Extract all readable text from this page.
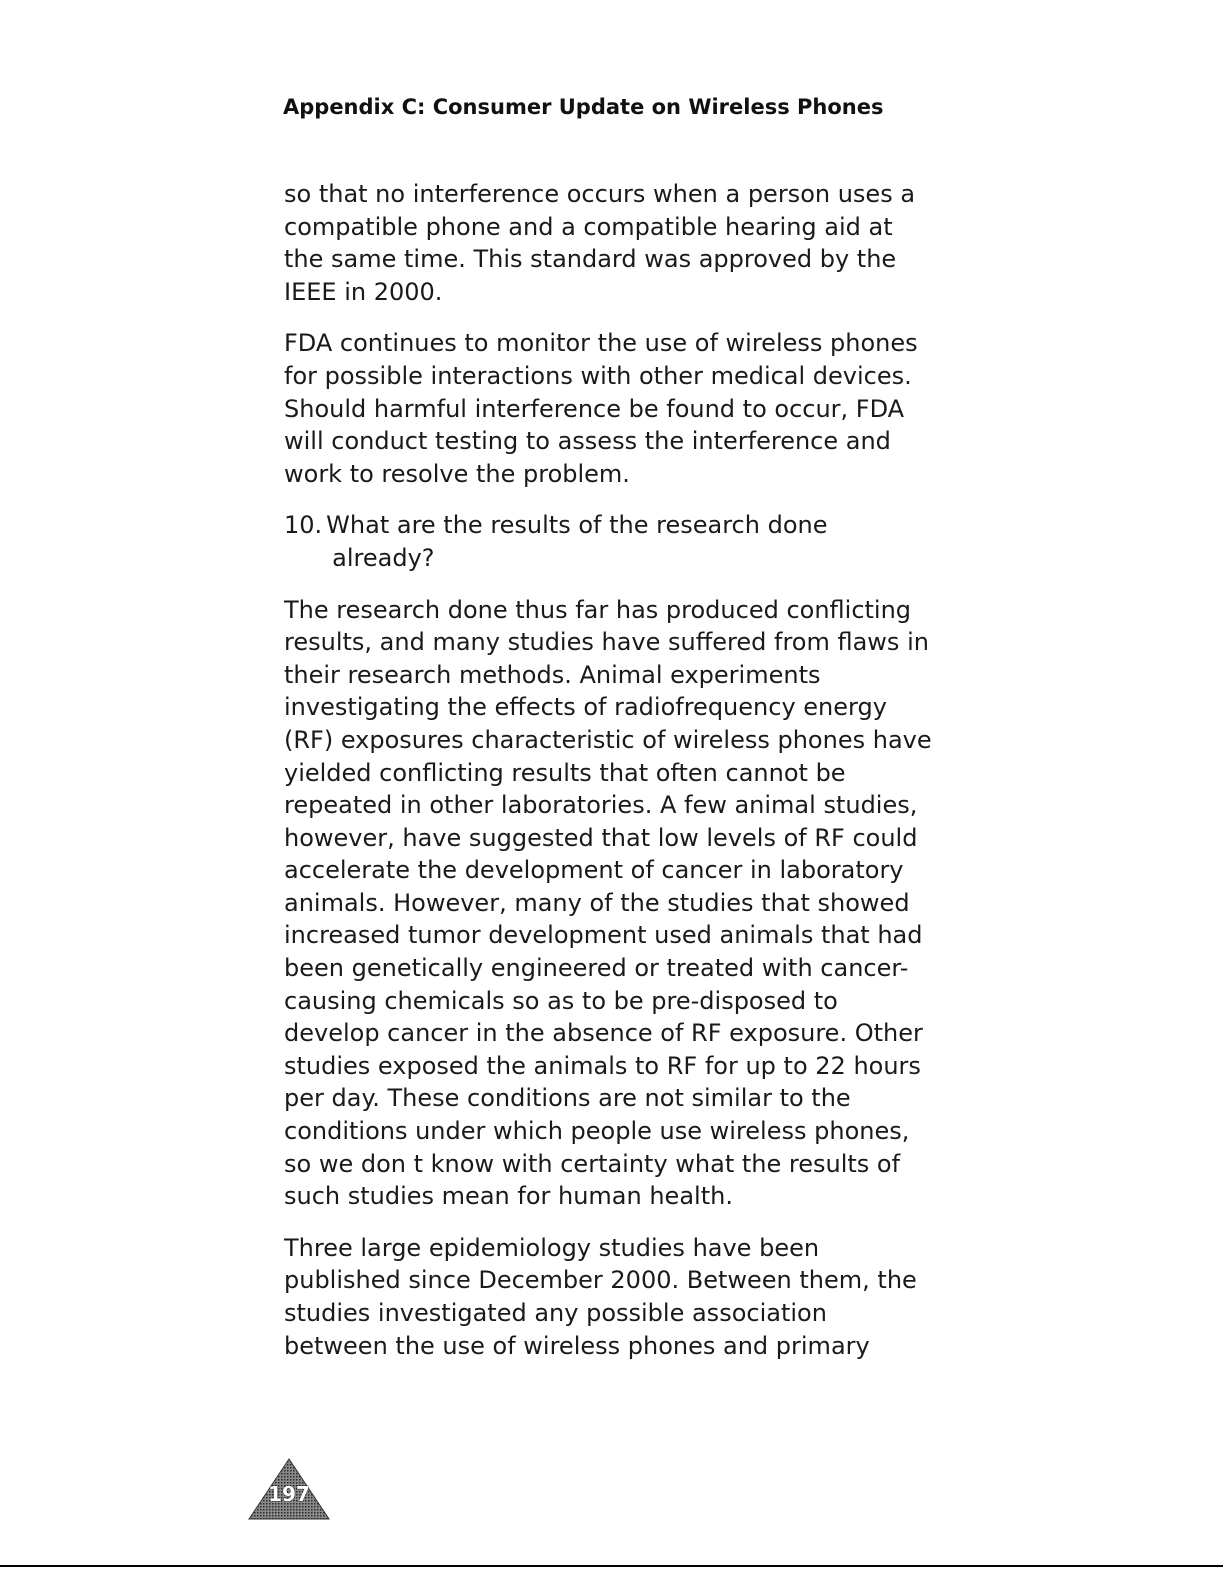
Appendix C: Consumer Update on Wireless Phones

so that no interference occurs when a person uses a compatible phone and a compatible hearing aid at the same time. This standard was approved by the IEEE in 2000.

FDA continues to monitor the use of wireless phones for possible interactions with other medical devices. Should harmful interference be found to occur, FDA will conduct testing to assess the interference and work to resolve the problem.

10. What are the results of the research done
already?

The research done thus far has produced conflicting results, and many studies have suffered from flaws in their research methods. Animal experiments investigating the effects of radiofrequency energy (RF) exposures characteristic of wireless phones have yielded conflicting results that often cannot be repeated in other laboratories. A few animal studies, however, have suggested that low levels of RF could accelerate the development of cancer in laboratory animals. However, many of the studies that showed increased tumor development used animals that had been genetically engineered or treated with cancer-causing chemicals so as to be pre-disposed to develop cancer in the absence of RF exposure. Other studies exposed the animals to RF for up to 22 hours per day. These conditions are not similar to the conditions under which people use wireless phones, so we don t know with certainty what the results of such studies mean for human health.

Three large epidemiology studies have been published since December 2000. Between them, the studies investigated any possible association between the use of wireless phones and primary

197
